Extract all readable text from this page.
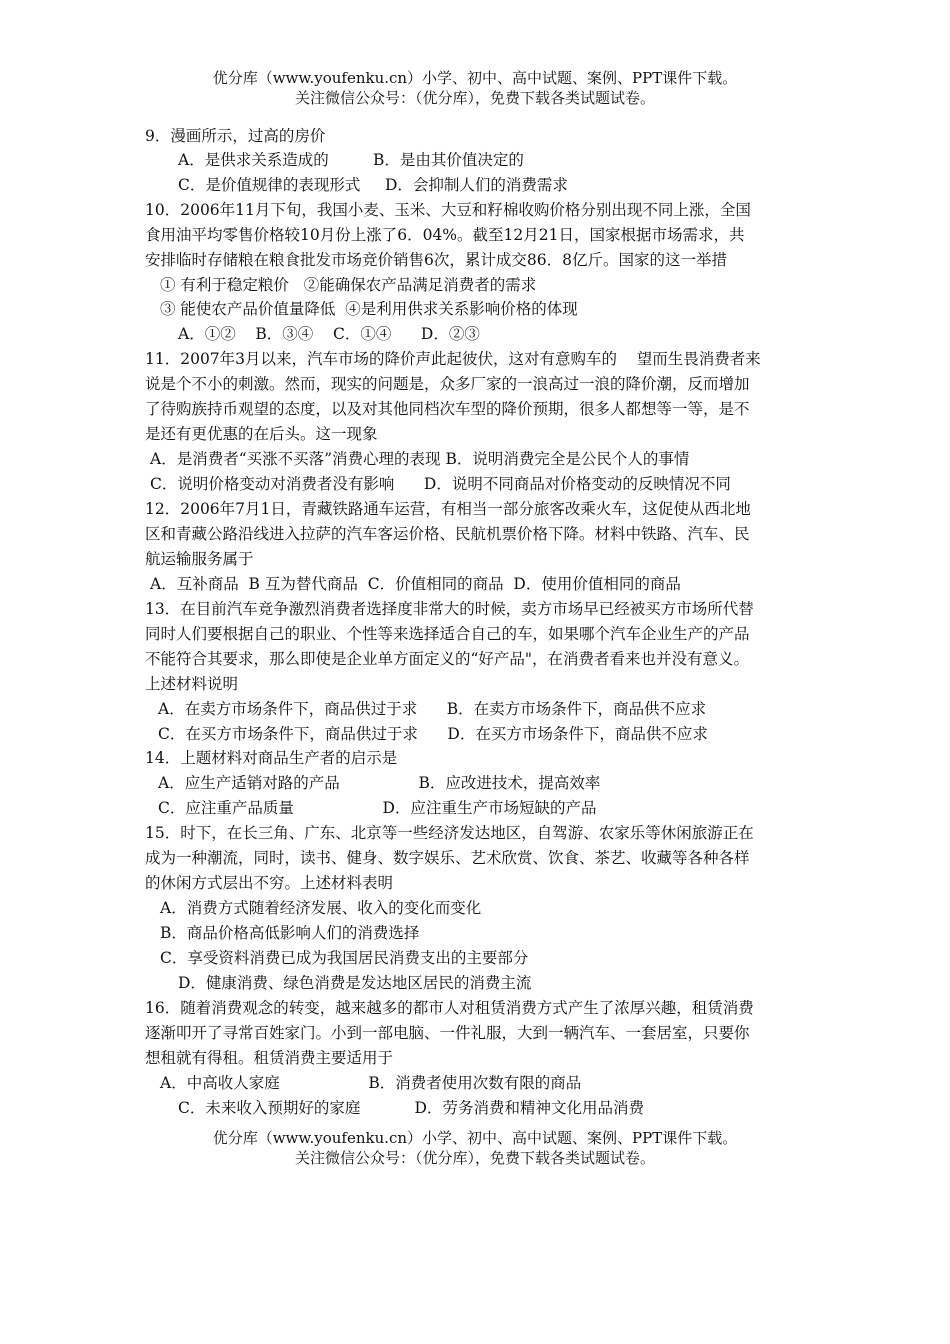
优分库（www.youfenku.cn）小学、初中、高中试题、案例、PPT课件下载。
关注微信公众号：（优分库），免费下载各类试题试卷。
9．漫画所示，过高的房价
A．是供求关系造成的         B．是由其价值决定的
C．是价值规律的表现形式     D．会抑制人们的消费需求
10．2006年11月下旬，我国小麦、玉米、大豆和籽棉收购价格分别出现不同上涨，全国
食用油平均零售价格较10月份上涨了6．04%。截至12月21日，国家根据市场需求，共
安排临时存储粮在粮食批发市场竞价销售6次，累计成交86．8亿斤。国家的这一举措
① 有利于稳定粮价   ②能确保农产品满足消费者的需求
③ 能使农产品价值量降低  ④是利用供求关系影响价格的体现
A．①②    B．③④    C．①④      D．②③
11．2007年3月以来，汽车市场的降价声此起彼伏，这对有意购车的    望而生畏消费者来
说是个不小的刺激。然而，现实的问题是，众多厂家的一浪高过一浪的降价潮，反而增加
了待购族持币观望的态度，以及对其他同档次车型的降价预期，很多人都想等一等，是不
是还有更优惠的在后头。这一现象
A．是消费者“买涨不买落”消费心理的表现 B．说明消费完全是公民个人的事情
C．说明价格变动对消费者没有影响      D．说明不同商品对价格变动的反映情况不同
12．2006年7月1日，青藏铁路通车运营，有相当一部分旅客改乘火车，这促使从西北地
区和青藏公路沿线进入拉萨的汽车客运价格、民航机票价格下降。材料中铁路、汽车、民
航运输服务属于
A．互补商品  B 互为替代商品  C．价值相同的商品  D．使用价值相同的商品
13．在目前汽车竞争激烈消费者选择度非常大的时候，卖方市场早已经被买方市场所代替
同时人们要根据自己的职业、个性等来选择适合自己的车，如果哪个汽车企业生产的产品
不能符合其要求，那么即使是企业单方面定义的“好产品"，在消费者看来也并没有意义。
上述材料说明
A．在卖方市场条件下，商品供过于求      B．在卖方市场条件下，商品供不应求
C．在买方市场条件下，商品供过于求      D．在买方市场条件下，商品供不应求
14．上题材料对商品生产者的启示是
A．应生产适销对路的产品                B．应改进技术，提高效率
C．应注重产品质量                  D．应注重生产市场短缺的产品
15．时下，在长三角、广东、北京等一些经济发达地区，自驾游、农家乐等休闲旅游正在
成为一种潮流，同时，读书、健身、数字娱乐、艺术欣赏、饮食、茶艺、收藏等各种各样
的休闲方式层出不穷。上述材料表明
A．消费方式随着经济发展、收入的变化而变化
B．商品价格高低影响人们的消费选择
C．享受资料消费已成为我国居民消费支出的主要部分
D．健康消费、绿色消费是发达地区居民的消费主流
16．随着消费观念的转变，越来越多的都市人对租赁消费方式产生了浓厚兴趣，租赁消费
逐渐叩开了寻常百姓家门。小到一部电脑、一件礼服，大到一辆汽车、一套居室，只要你
想租就有得租。租赁消费主要适用于
A．中高收人家庭                  B．消费者使用次数有限的商品
C．未来收入预期好的家庭           D．劳务消费和精神文化用品消费
优分库（www.youfenku.cn）小学、初中、高中试题、案例、PPT课件下载。
关注微信公众号：（优分库），免费下载各类试题试卷。
